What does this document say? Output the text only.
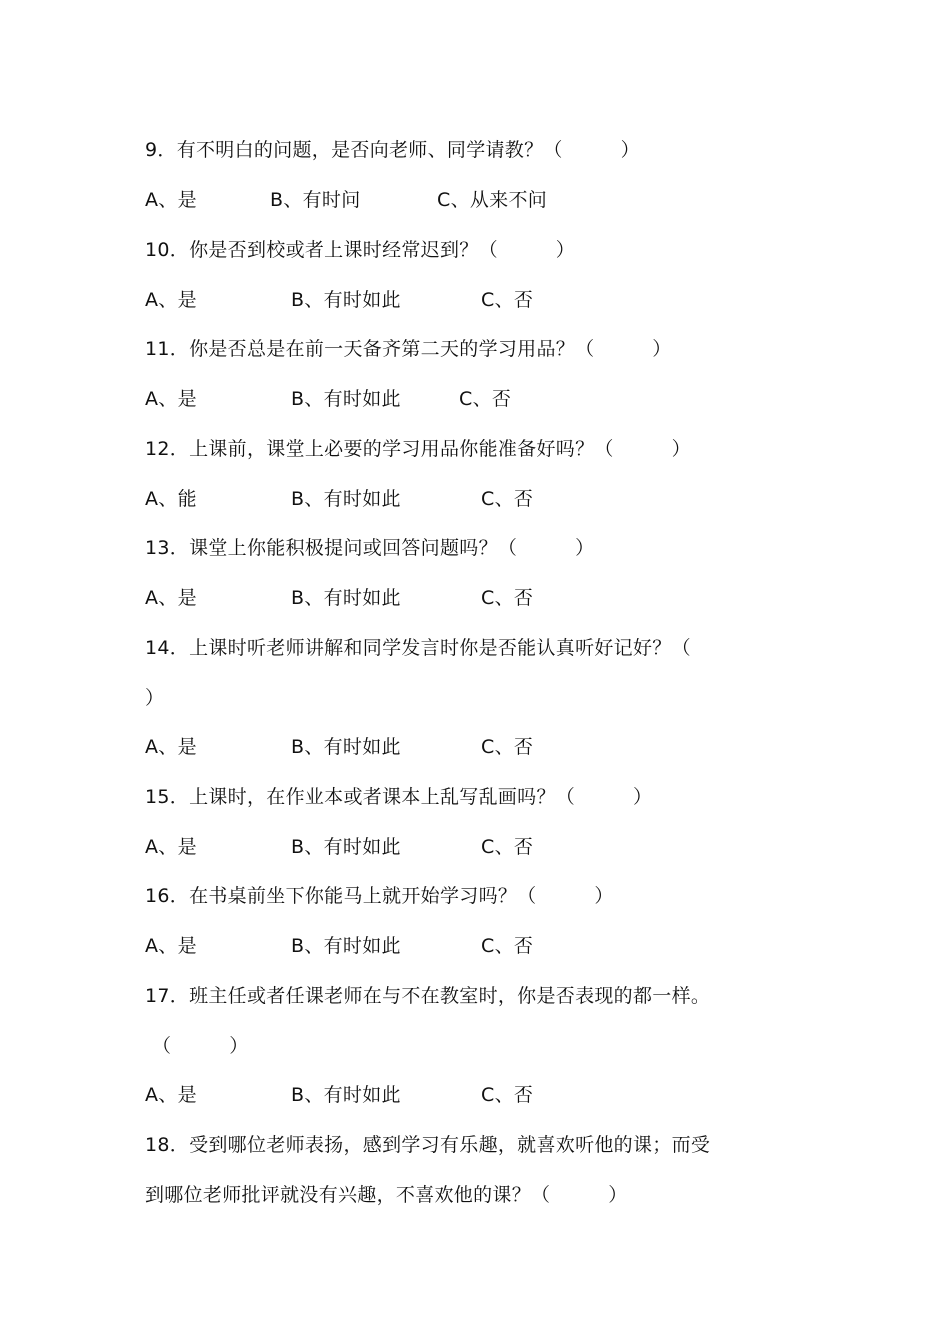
9．有不明白的问题，是否向老师、同学请教？（　　　）
A、是	B、有时问	C、从来不问
10．你是否到校或者上课时经常迟到？（　　　）
A、是	B、有时如此	C、否
11．你是否总是在前一天备齐第二天的学习用品？（　　　）
A、是	B、有时如此	C、否
12．上课前，课堂上必要的学习用品你能准备好吗？（　　　）
A、能	B、有时如此	C、否
13．课堂上你能积极提问或回答问题吗？（　　　）
A、是	B、有时如此	C、否
14．上课时听老师讲解和同学发言时你是否能认真听好记好？（
）
A、是	B、有时如此	C、否
15．上课时，在作业本或者课本上乱写乱画吗？（　　　）
A、是	B、有时如此	C、否
16．在书桌前坐下你能马上就开始学习吗？（　　　）
A、是	B、有时如此	C、否
17．班主任或者任课老师在与不在教室时，你是否表现的都一样。
（　　　）
A、是	B、有时如此	C、否
18．受到哪位老师表扬，感到学习有乐趣，就喜欢听他的课；而受
到哪位老师批评就没有兴趣，不喜欢他的课？（　　　）
